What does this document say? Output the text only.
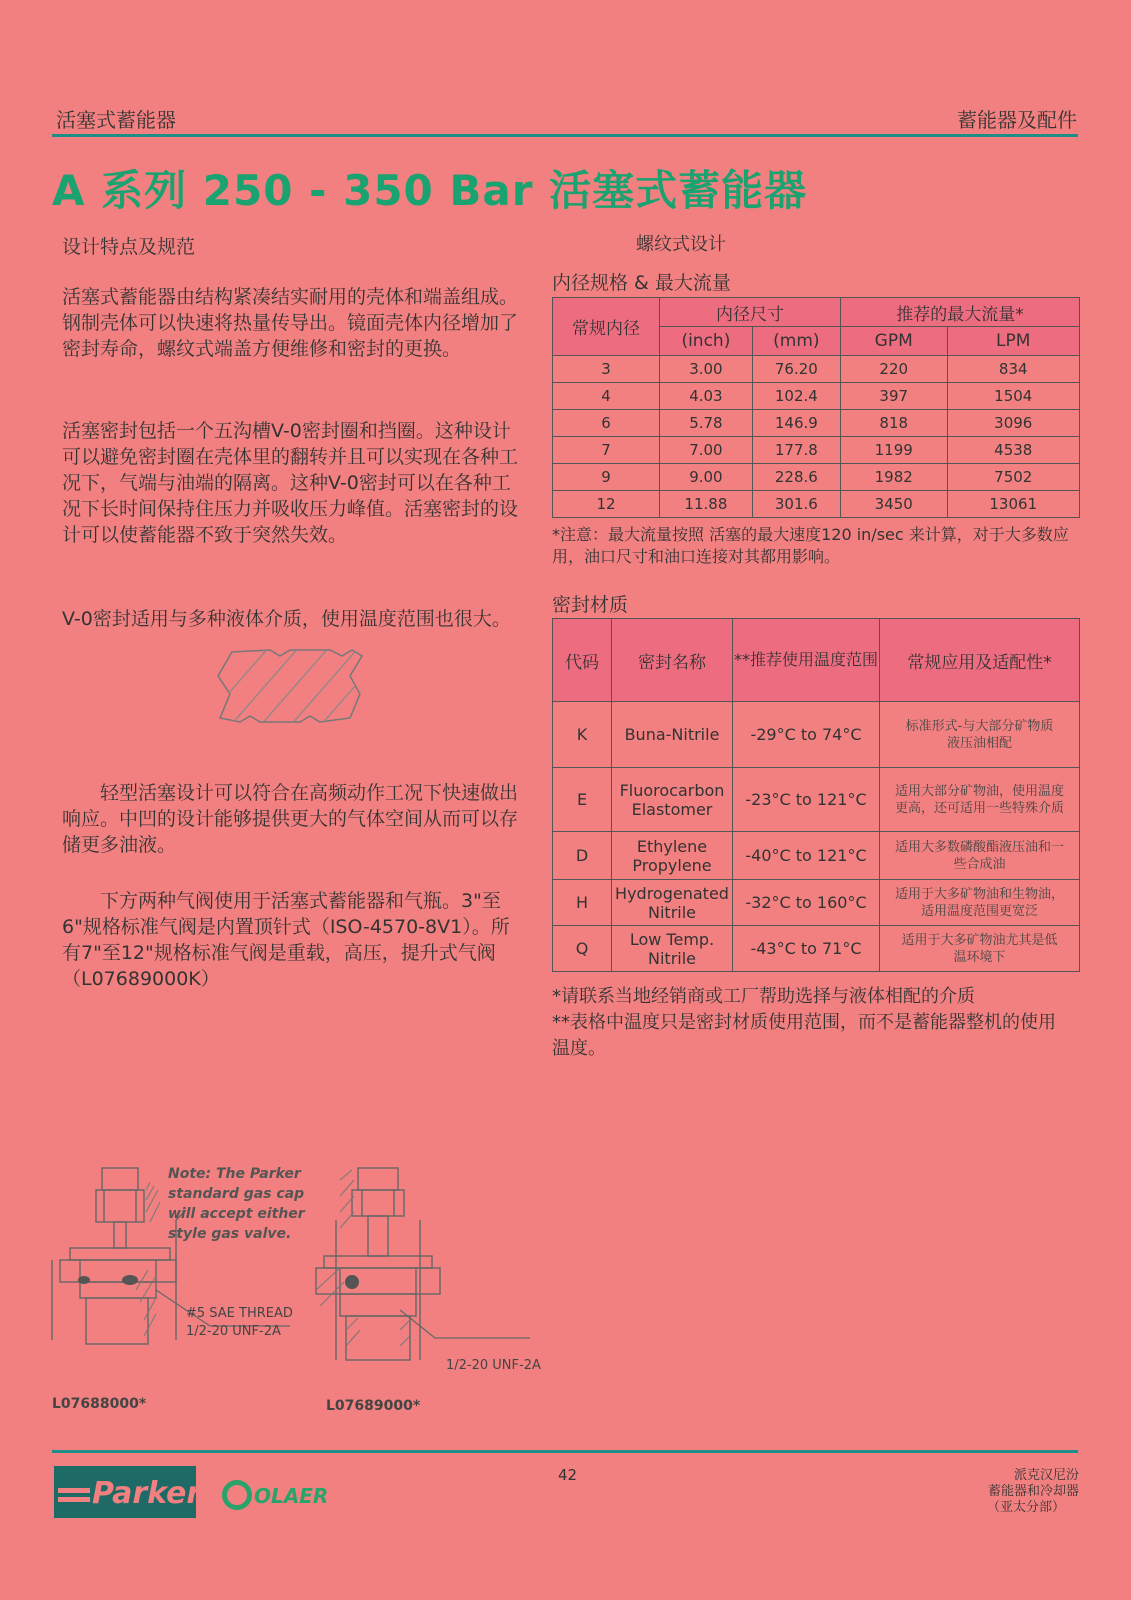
活塞式蓄能器	蓄能器及配件
A 系列 250 - 350 Bar 活塞式蓄能器
设计特点及规范
活塞式蓄能器由结构紧凑结实耐用的壳体和端盖组成。钢制壳体可以快速将热量传导出。镜面壳体内径增加了密封寿命，螺纹式端盖方便维修和密封的更换。
活塞密封包括一个五沟槽V-0密封圈和挡圈。这种设计可以避免密封圈在壳体里的翻转并且可以实现在各种工况下，气端与油端的隔离。这种V-0密封可以在各种工况下长时间保持住压力并吸收压力峰值。活塞密封的设计可以使蓄能器不致于突然失效。
V-0密封适用与多种液体介质，使用温度范围也很大。
　　轻型活塞设计可以符合在高频动作工况下快速做出响应。中凹的设计能够提供更大的气体空间从而可以存储更多油液。
　　下方两种气阀使用于活塞式蓄能器和气瓶。3"至6"规格标准气阀是内置顶针式（ISO-4570-8V1）。所有7"至12"规格标准气阀是重载，高压，提升式气阀（L07689000K）
螺纹式设计
内径规格 & 最大流量
常规内径	内径尺寸		推荐的最大流量*	
	(inch)	(mm)	GPM	LPM
3	3.00	76.20	220	834
4	4.03	102.4	397	1504
6	5.78	146.9	818	3096
7	7.00	177.8	1199	4538
9	9.00	228.6	1982	7502
12	11.88	301.6	3450	13061
*注意：最大流量按照 活塞的最大速度120 in/sec 来计算，对于大多数应用，油口尺寸和油口连接对其都用影响。
密封材质
代码	密封名称	**推荐使用温度范围	常规应用及适配性*
K	Buna-Nitrile	-29°C to 74°C	标准形式-与大部分矿物质液压油相配
E	Fluorocarbon Elastomer	-23°C to 121°C	适用大部分矿物油，使用温度更高，还可适用一些特殊介质
D	Ethylene Propylene	-40°C to 121°C	适用大多数磷酸酯液压油和一些合成油
H	Hydrogenated Nitrile	-32°C to 160°C	适用于大多矿物油和生物油，适用温度范围更宽泛
Q	Low Temp. Nitrile	-43°C to 71°C	适用于大多矿物油尤其是低温环境下
*请联系当地经销商或工厂帮助选择与液体相配的介质
**表格中温度只是密封材质使用范围，而不是蓄能器整机的使用温度。
Note: The Parker standard gas cap will accept either style gas valve.
#5 SAE THREAD
1/2-20 UNF-2A
1/2-20 UNF-2A
L07688000*	L07689000*
42
Parker	OLAER
派克汉尼汾
蓄能器和冷却器
（亚太分部）
